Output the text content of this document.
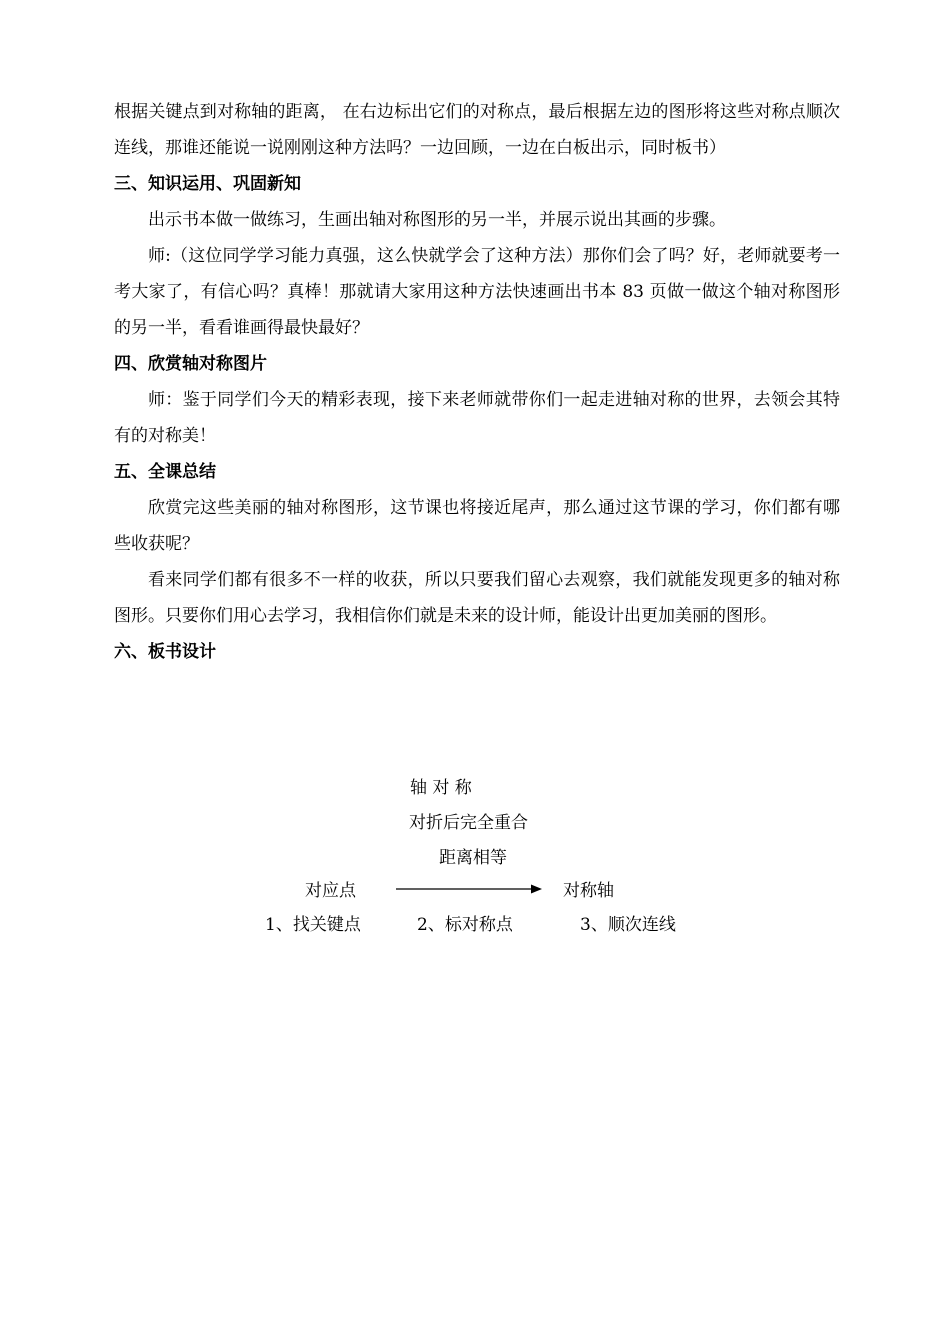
根据关键点到对称轴的距离， 在右边标出它们的对称点，最后根据左边的图形将这些对称点顺次连线，那谁还能说一说刚刚这种方法吗？一边回顾，一边在白板出示，同时板书）

三、知识运用、巩固新知

出示书本做一做练习，生画出轴对称图形的另一半，并展示说出其画的步骤。

师:（这位同学学习能力真强，这么快就学会了这种方法）那你们会了吗？好，老师就要考一考大家了，有信心吗？真棒！那就请大家用这种方法快速画出书本 83 页做一做这个轴对称图形的另一半，看看谁画得最快最好？

四、欣赏轴对称图片

师：鉴于同学们今天的精彩表现，接下来老师就带你们一起走进轴对称的世界，去领会其特有的对称美！

五、全课总结

欣赏完这些美丽的轴对称图形，这节课也将接近尾声，那么通过这节课的学习，你们都有哪些收获呢？

看来同学们都有很多不一样的收获，所以只要我们留心去观察，我们就能发现更多的轴对称图形。只要你们用心去学习，我相信你们就是未来的设计师，能设计出更加美丽的图形。

六、板书设计

轴 对 称
对折后完全重合
距离相等
对应点	对称轴
1、找关键点	2、标对称点	3、顺次连线
